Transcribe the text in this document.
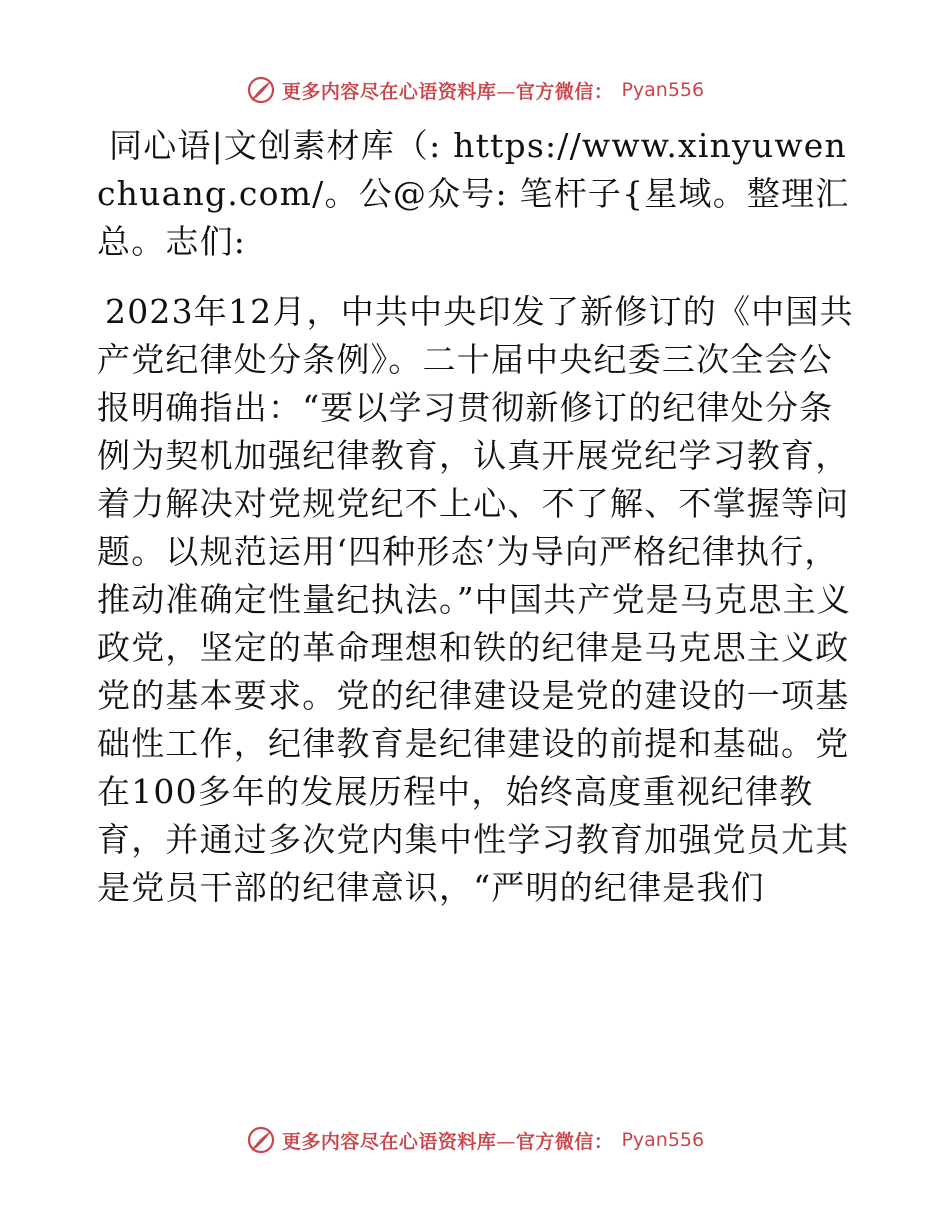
更多内容尽在心语资料库—官方微信： Pyan556

同心语|文创素材库（: https://www.xinyuwenchuang.com/。公@众号: 笔杆子{星域。整理汇总。志们:

2023年12月，中共中央印发了新修订的《中国共产党纪律处分条例》。二十届中央纪委三次全会公报明确指出：“要以学习贯彻新修订的纪律处分条例为契机加强纪律教育，认真开展党纪学习教育，着力解决对党规党纪不上心、不了解、不掌握等问题。以规范运用‘四种形态’为导向严格纪律执行，推动准确定性量纪执法。”中国共产党是马克思主义政党，坚定的革命理想和铁的纪律是马克思主义政党的基本要求。党的纪律建设是党的建设的一项基础性工作，纪律教育是纪律建设的前提和基础。党在100多年的发展历程中，始终高度重视纪律教育，并通过多次党内集中性学习教育加强党员尤其是党员干部的纪律意识，“严明的纪律是我们

更多内容尽在心语资料库—官方微信： Pyan556
